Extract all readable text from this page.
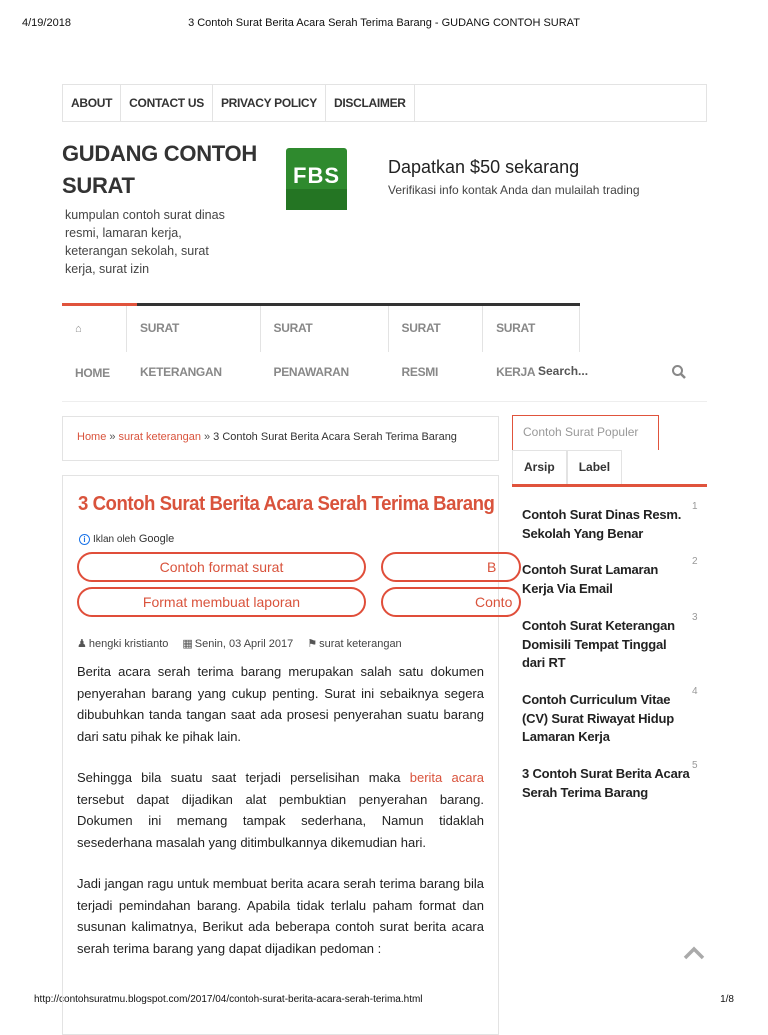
4/19/2018	3 Contoh Surat Berita Acara Serah Terima Barang - GUDANG CONTOH SURAT
http://contohsuratmu.blogspot.com/2017/04/contoh-surat-berita-acara-serah-terima.html	1/8
ABOUT	CONTACT US	PRIVACY POLICY	DISCLAIMER
GUDANG CONTOH SURAT
kumpulan contoh surat dinas resmi, lamaran kerja, keterangan sekolah, surat kerja, surat izin
FBS	Dapatkan $50 sekarang
Verifikasi info kontak Anda dan mulailah trading
⌂HOME
SURAT KETERANGAN
SURAT PENAWARAN
SURAT RESMI
SURAT KERJA Search...
Home » surat keterangan » 3 Contoh Surat Berita Acara Serah Terima Barang
3 Contoh Surat Berita Acara Serah Terima Barang
i Iklan oleh Google
Contoh format surat	B
Format membuat laporan	Conto
♟ hengki kristianto ▦ Senin, 03 April 2017 ⚑ surat keterangan
Berita acara serah terima barang merupakan salah satu dokumen penyerahan barang yang cukup penting. Surat ini sebaiknya segera dibubuhkan tanda tangan saat ada prosesi penyerahan suatu barang dari satu pihak ke pihak lain.
Sehingga bila suatu saat terjadi perselisihan maka berita acara tersebut dapat dijadikan alat pembuktian penyerahan barang. Dokumen ini memang tampak sederhana, Namun tidaklah sesederhana masalah yang ditimbulkannya dikemudian hari.
Jadi jangan ragu untuk membuat berita acara serah terima barang bila terjadi pemindahan barang. Apabila tidak terlalu paham format dan susunan kalimatnya, Berikut ada beberapa contoh surat berita acara serah terima barang yang dapat dijadikan pedoman :
Contoh Surat Populer
Arsip	Label
Contoh Surat Dinas Resm. Sekolah Yang Benar
1
Contoh Surat Lamaran Kerja Via Email
2
Contoh Surat Keterangan Domisili Tempat Tinggal dari RT
3
Contoh Curriculum Vitae (CV) Surat Riwayat Hidup Lamaran Kerja
4
3 Contoh Surat Berita Acara Serah Terima Barang
5
